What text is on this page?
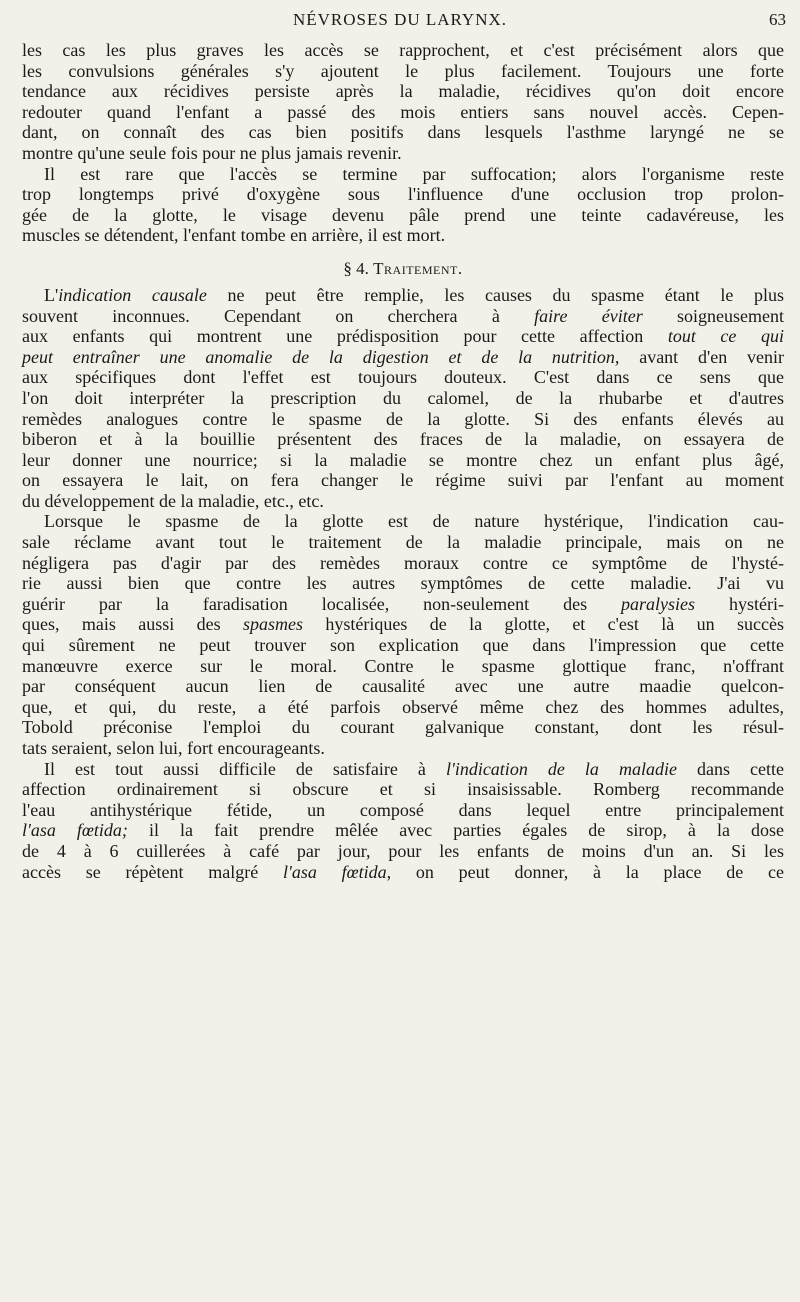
NÉVROSES DU LARYNX.	63
les cas les plus graves les accès se rapprochent, et c'est précisément alors que
les convulsions générales s'y ajoutent le plus facilement. Toujours une forte
tendance aux récidives persiste après la maladie, récidives qu'on doit encore
redouter quand l'enfant a passé des mois entiers sans nouvel accès. Cepen-
dant, on connaît des cas bien positifs dans lesquels l'asthme laryngé ne se
montre qu'une seule fois pour ne plus jamais revenir.
Il est rare que l'accès se termine par suffocation; alors l'organisme reste
trop longtemps privé d'oxygène sous l'influence d'une occlusion trop prolon-
gée de la glotte, le visage devenu pâle prend une teinte cadavéreuse, les
muscles se détendent, l'enfant tombe en arrière, il est mort.
§ 4. Traitement.
L'indication causale ne peut être remplie, les causes du spasme étant le plus
souvent inconnues. Cependant on cherchera à faire éviter soigneusement
aux enfants qui montrent une prédisposition pour cette affection tout ce qui
peut entraîner une anomalie de la digestion et de la nutrition, avant d'en venir
aux spécifiques dont l'effet est toujours douteux. C'est dans ce sens que
l'on doit interpréter la prescription du calomel, de la rhubarbe et d'autres
remèdes analogues contre le spasme de la glotte. Si des enfants élevés au
biberon et à la bouillie présentent des fraces de la maladie, on essayera de
leur donner une nourrice; si la maladie se montre chez un enfant plus âgé,
on essayera le lait, on fera changer le régime suivi par l'enfant au moment
du développement de la maladie, etc., etc.
Lorsque le spasme de la glotte est de nature hystérique, l'indication cau-
sale réclame avant tout le traitement de la maladie principale, mais on ne
négligera pas d'agir par des remèdes moraux contre ce symptôme de l'hysté-
rie aussi bien que contre les autres symptômes de cette maladie. J'ai vu
guérir par la faradisation localisée, non-seulement des paralysies hystéri-
ques, mais aussi des spasmes hystériques de la glotte, et c'est là un succès
qui sûrement ne peut trouver son explication que dans l'impression que cette
manœuvre exerce sur le moral. Contre le spasme glottique franc, n'offrant
par conséquent aucun lien de causalité avec une autre maadie quelcon-
que, et qui, du reste, a été parfois observé même chez des hommes adultes,
Tobold préconise l'emploi du courant galvanique constant, dont les résul-
tats seraient, selon lui, fort encourageants.
Il est tout aussi difficile de satisfaire à l'indication de la maladie dans cette
affection ordinairement si obscure et si insaisissable. Romberg recommande
l'eau antihystérique fétide, un composé dans lequel entre principalement
l'asa fœtida; il la fait prendre mêlée avec parties égales de sirop, à la dose
de 4 à 6 cuillerées à café par jour, pour les enfants de moins d'un an. Si les
accès se répètent malgré l'asa fœtida, on peut donner, à la place de ce
